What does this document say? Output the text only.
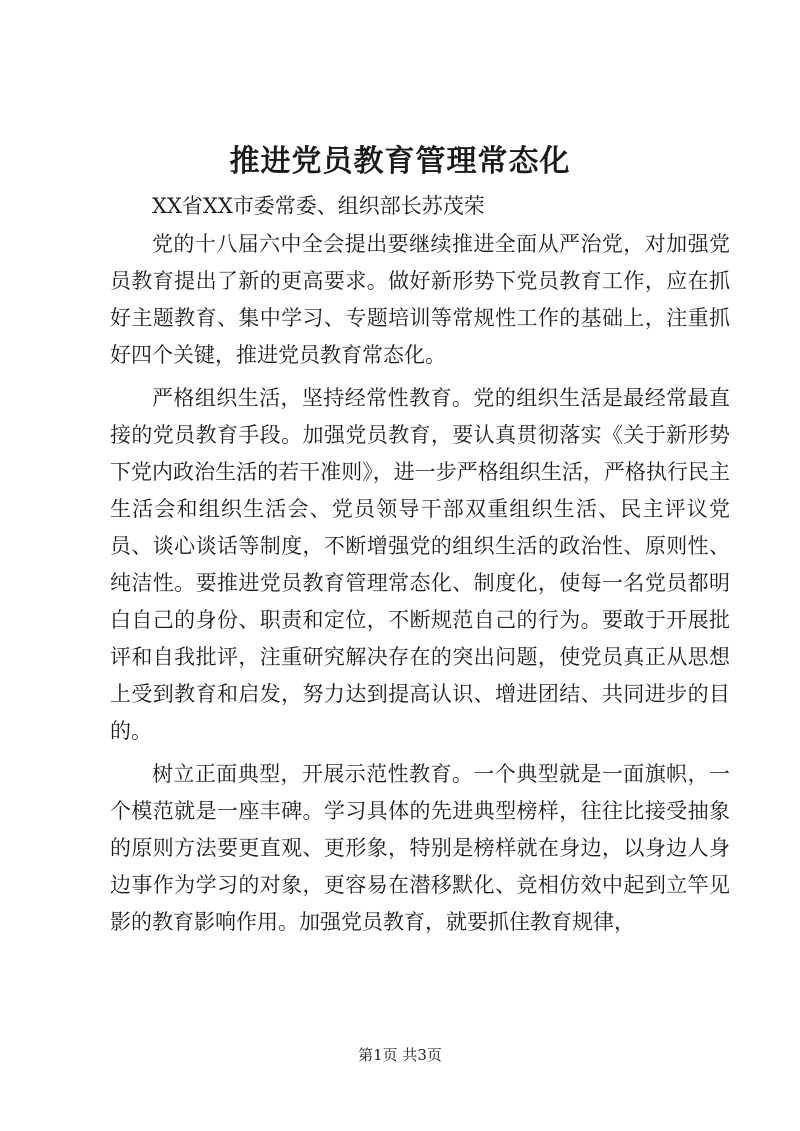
推进党员教育管理常态化

XX省XX市委常委、组织部长苏茂荣

党的十八届六中全会提出要继续推进全面从严治党，对加强党员教育提出了新的更高要求。做好新形势下党员教育工作，应在抓好主题教育、集中学习、专题培训等常规性工作的基础上，注重抓好四个关键，推进党员教育常态化。

严格组织生活，坚持经常性教育。党的组织生活是最经常最直接的党员教育手段。加强党员教育，要认真贯彻落实《关于新形势下党内政治生活的若干准则》，进一步严格组织生活，严格执行民主生活会和组织生活会、党员领导干部双重组织生活、民主评议党员、谈心谈话等制度，不断增强党的组织生活的政治性、原则性、纯洁性。要推进党员教育管理常态化、制度化，使每一名党员都明白自己的身份、职责和定位，不断规范自己的行为。要敢于开展批评和自我批评，注重研究解决存在的突出问题，使党员真正从思想上受到教育和启发，努力达到提高认识、增进团结、共同进步的目的。

树立正面典型，开展示范性教育。一个典型就是一面旗帜，一个模范就是一座丰碑。学习具体的先进典型榜样，往往比接受抽象的原则方法要更直观、更形象，特别是榜样就在身边，以身边人身边事作为学习的对象，更容易在潜移默化、竞相仿效中起到立竿见影的教育影响作用。加强党员教育，就要抓住教育规律，

第1页 共3页
